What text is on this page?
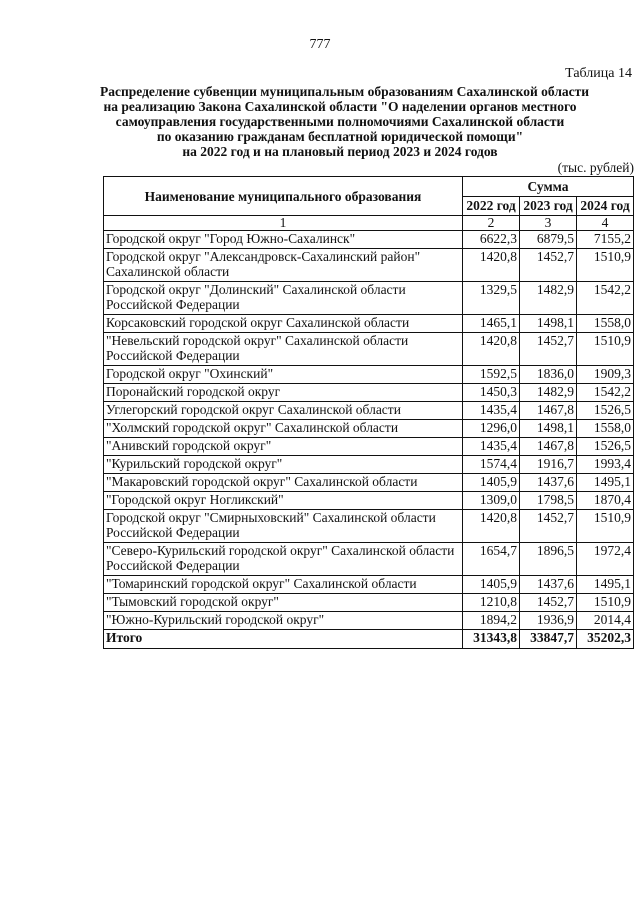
777
Таблица 14
Распределение субвенции муниципальным образованиям Сахалинской области
на реализацию Закона Сахалинской области "О наделении органов местного
самоуправления государственными полномочиями Сахалинской области
по оказанию гражданам бесплатной юридической помощи"
на 2022 год и на плановый период 2023 и 2024 годов
(тыс. рублей)
Наименование муниципального образования	Сумма		
	2022 год	2023 год	2024 год
1	2	3	4
Городской округ "Город Южно-Сахалинск"	6622,3	6879,5	7155,2
Городской округ "Александровск-Сахалинский район" Сахалинской области	1420,8	1452,7	1510,9
Городской округ "Долинский" Сахалинской области Российской Федерации	1329,5	1482,9	1542,2
Корсаковский городской округ Сахалинской области	1465,1	1498,1	1558,0
"Невельский городской округ" Сахалинской области Российской Федерации	1420,8	1452,7	1510,9
Городской округ "Охинский"	1592,5	1836,0	1909,3
Поронайский городской округ	1450,3	1482,9	1542,2
Углегорский городской округ Сахалинской области	1435,4	1467,8	1526,5
"Холмский городской округ" Сахалинской области	1296,0	1498,1	1558,0
"Анивский городской округ"	1435,4	1467,8	1526,5
"Курильский городской округ"	1574,4	1916,7	1993,4
"Макаровский городской округ" Сахалинской области	1405,9	1437,6	1495,1
"Городской округ Ногликский"	1309,0	1798,5	1870,4
Городской округ "Смирныховский" Сахалинской области Российской Федерации	1420,8	1452,7	1510,9
"Северо-Курильский городской округ" Сахалинской области Российской Федерации	1654,7	1896,5	1972,4
"Томаринский городской округ" Сахалинской области	1405,9	1437,6	1495,1
"Тымовский городской округ"	1210,8	1452,7	1510,9
"Южно-Курильский городской округ"	1894,2	1936,9	2014,4
Итого	31343,8	33847,7	35202,3
